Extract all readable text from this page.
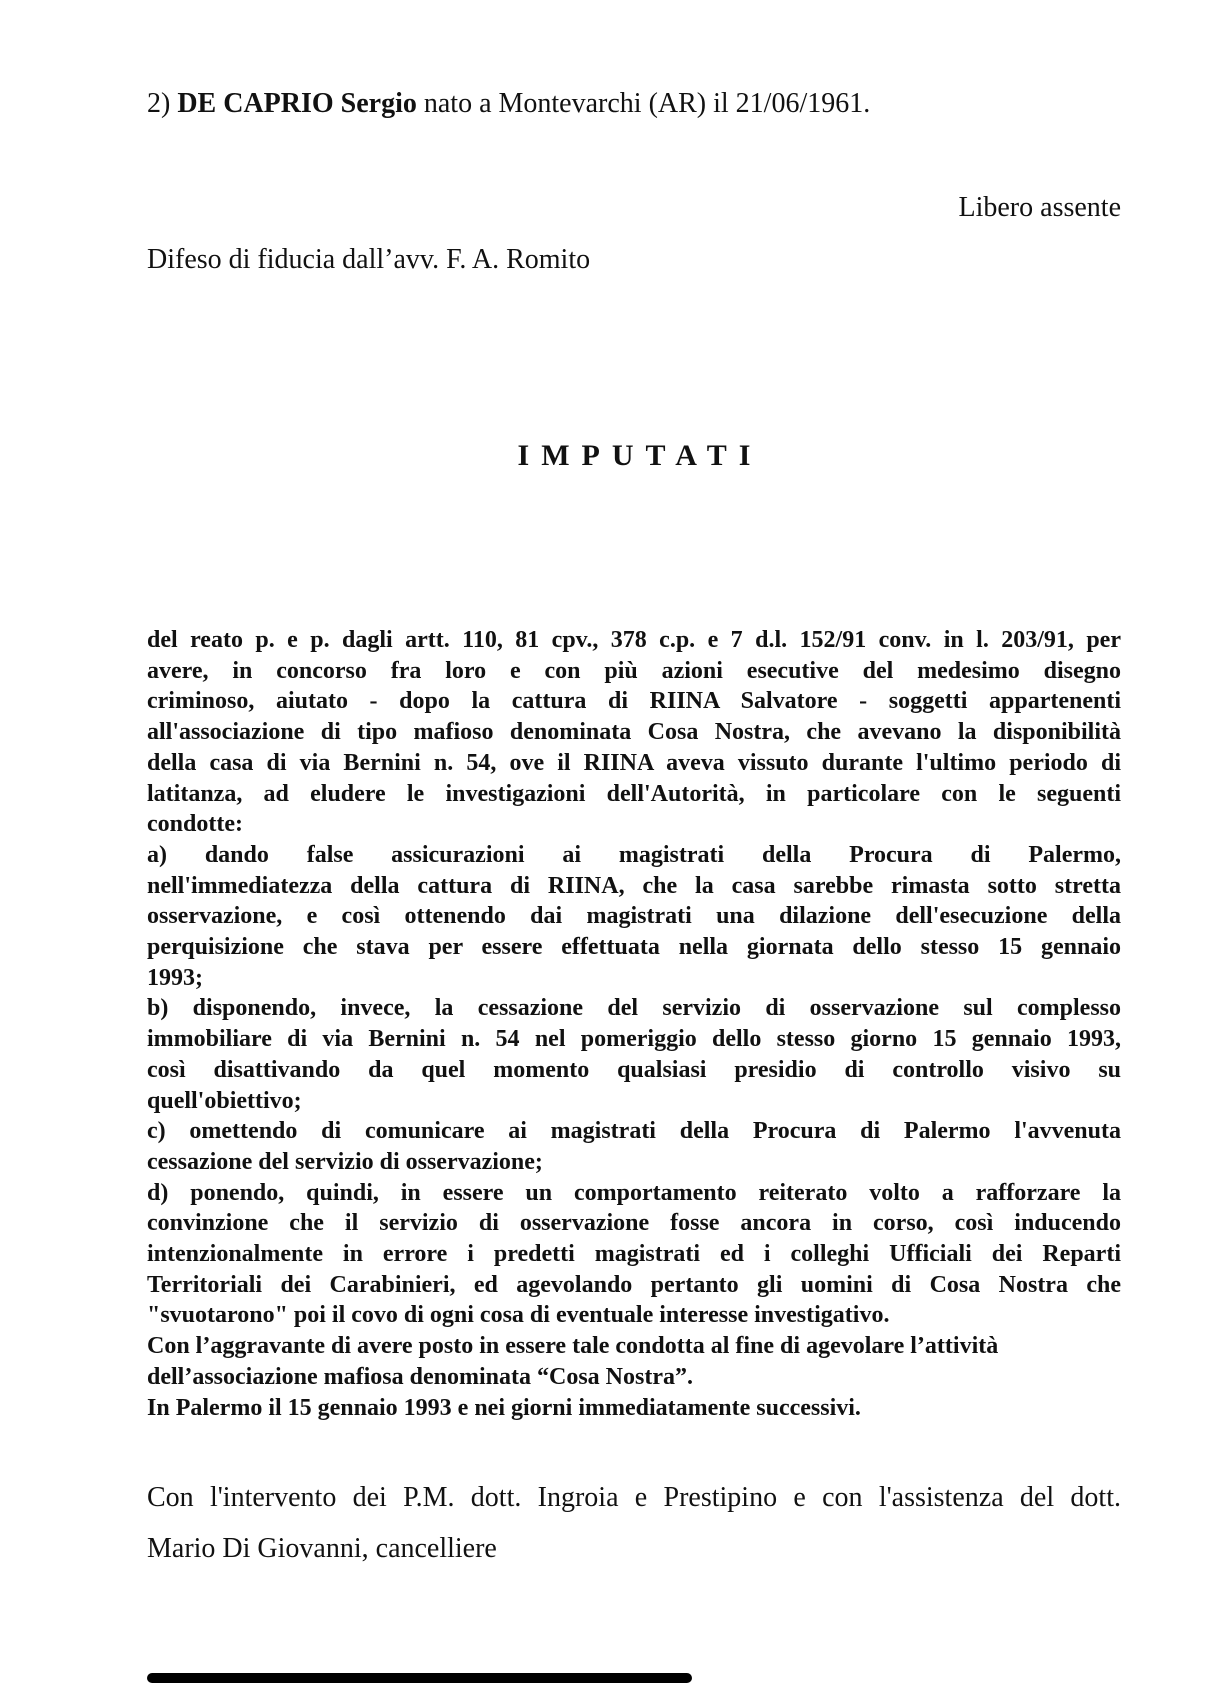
2) DE CAPRIO Sergio nato a Montevarchi (AR) il 21/06/1961.
Libero assente
Difeso di fiducia dall’avv. F. A. Romito
IMPUTATI
del reato p. e p. dagli artt. 110, 81 cpv., 378 c.p. e 7 d.l. 152/91 conv. in l. 203/91, per
avere, in concorso fra loro e con più azioni esecutive del medesimo disegno
criminoso, aiutato - dopo la cattura di RIINA Salvatore - soggetti appartenenti
all'associazione di tipo mafioso denominata Cosa Nostra, che avevano la disponibilità
della casa di via Bernini n. 54, ove il RIINA aveva vissuto durante l'ultimo periodo di
latitanza, ad eludere le investigazioni dell'Autorità, in particolare con le seguenti
condotte:
a) dando false assicurazioni ai magistrati della Procura di Palermo,
nell'immediatezza della cattura di RIINA, che la casa sarebbe rimasta sotto stretta
osservazione, e così ottenendo dai magistrati una dilazione dell'esecuzione della
perquisizione che stava per essere effettuata nella giornata dello stesso 15 gennaio
1993;
b) disponendo, invece, la cessazione del servizio di osservazione sul complesso
immobiliare di via Bernini n. 54 nel pomeriggio dello stesso giorno 15 gennaio 1993,
così disattivando da quel momento qualsiasi presidio di controllo visivo su
quell'obiettivo;
c) omettendo di comunicare ai magistrati della Procura di Palermo l'avvenuta
cessazione del servizio di osservazione;
d) ponendo, quindi, in essere un comportamento reiterato volto a rafforzare la
convinzione che il servizio di osservazione fosse ancora in corso, così inducendo
intenzionalmente in errore i predetti magistrati ed i colleghi Ufficiali dei Reparti
Territoriali dei Carabinieri, ed agevolando pertanto gli uomini di Cosa Nostra che
"svuotarono" poi il covo di ogni cosa di eventuale interesse investigativo.
Con l’aggravante di avere posto in essere tale condotta al fine di agevolare l’attività
dell’associazione mafiosa denominata “Cosa Nostra”.
In Palermo il 15 gennaio 1993 e nei giorni immediatamente successivi.
Con l'intervento dei P.M. dott. Ingroia e Prestipino e con l'assistenza del dott.
Mario Di Giovanni, cancelliere
